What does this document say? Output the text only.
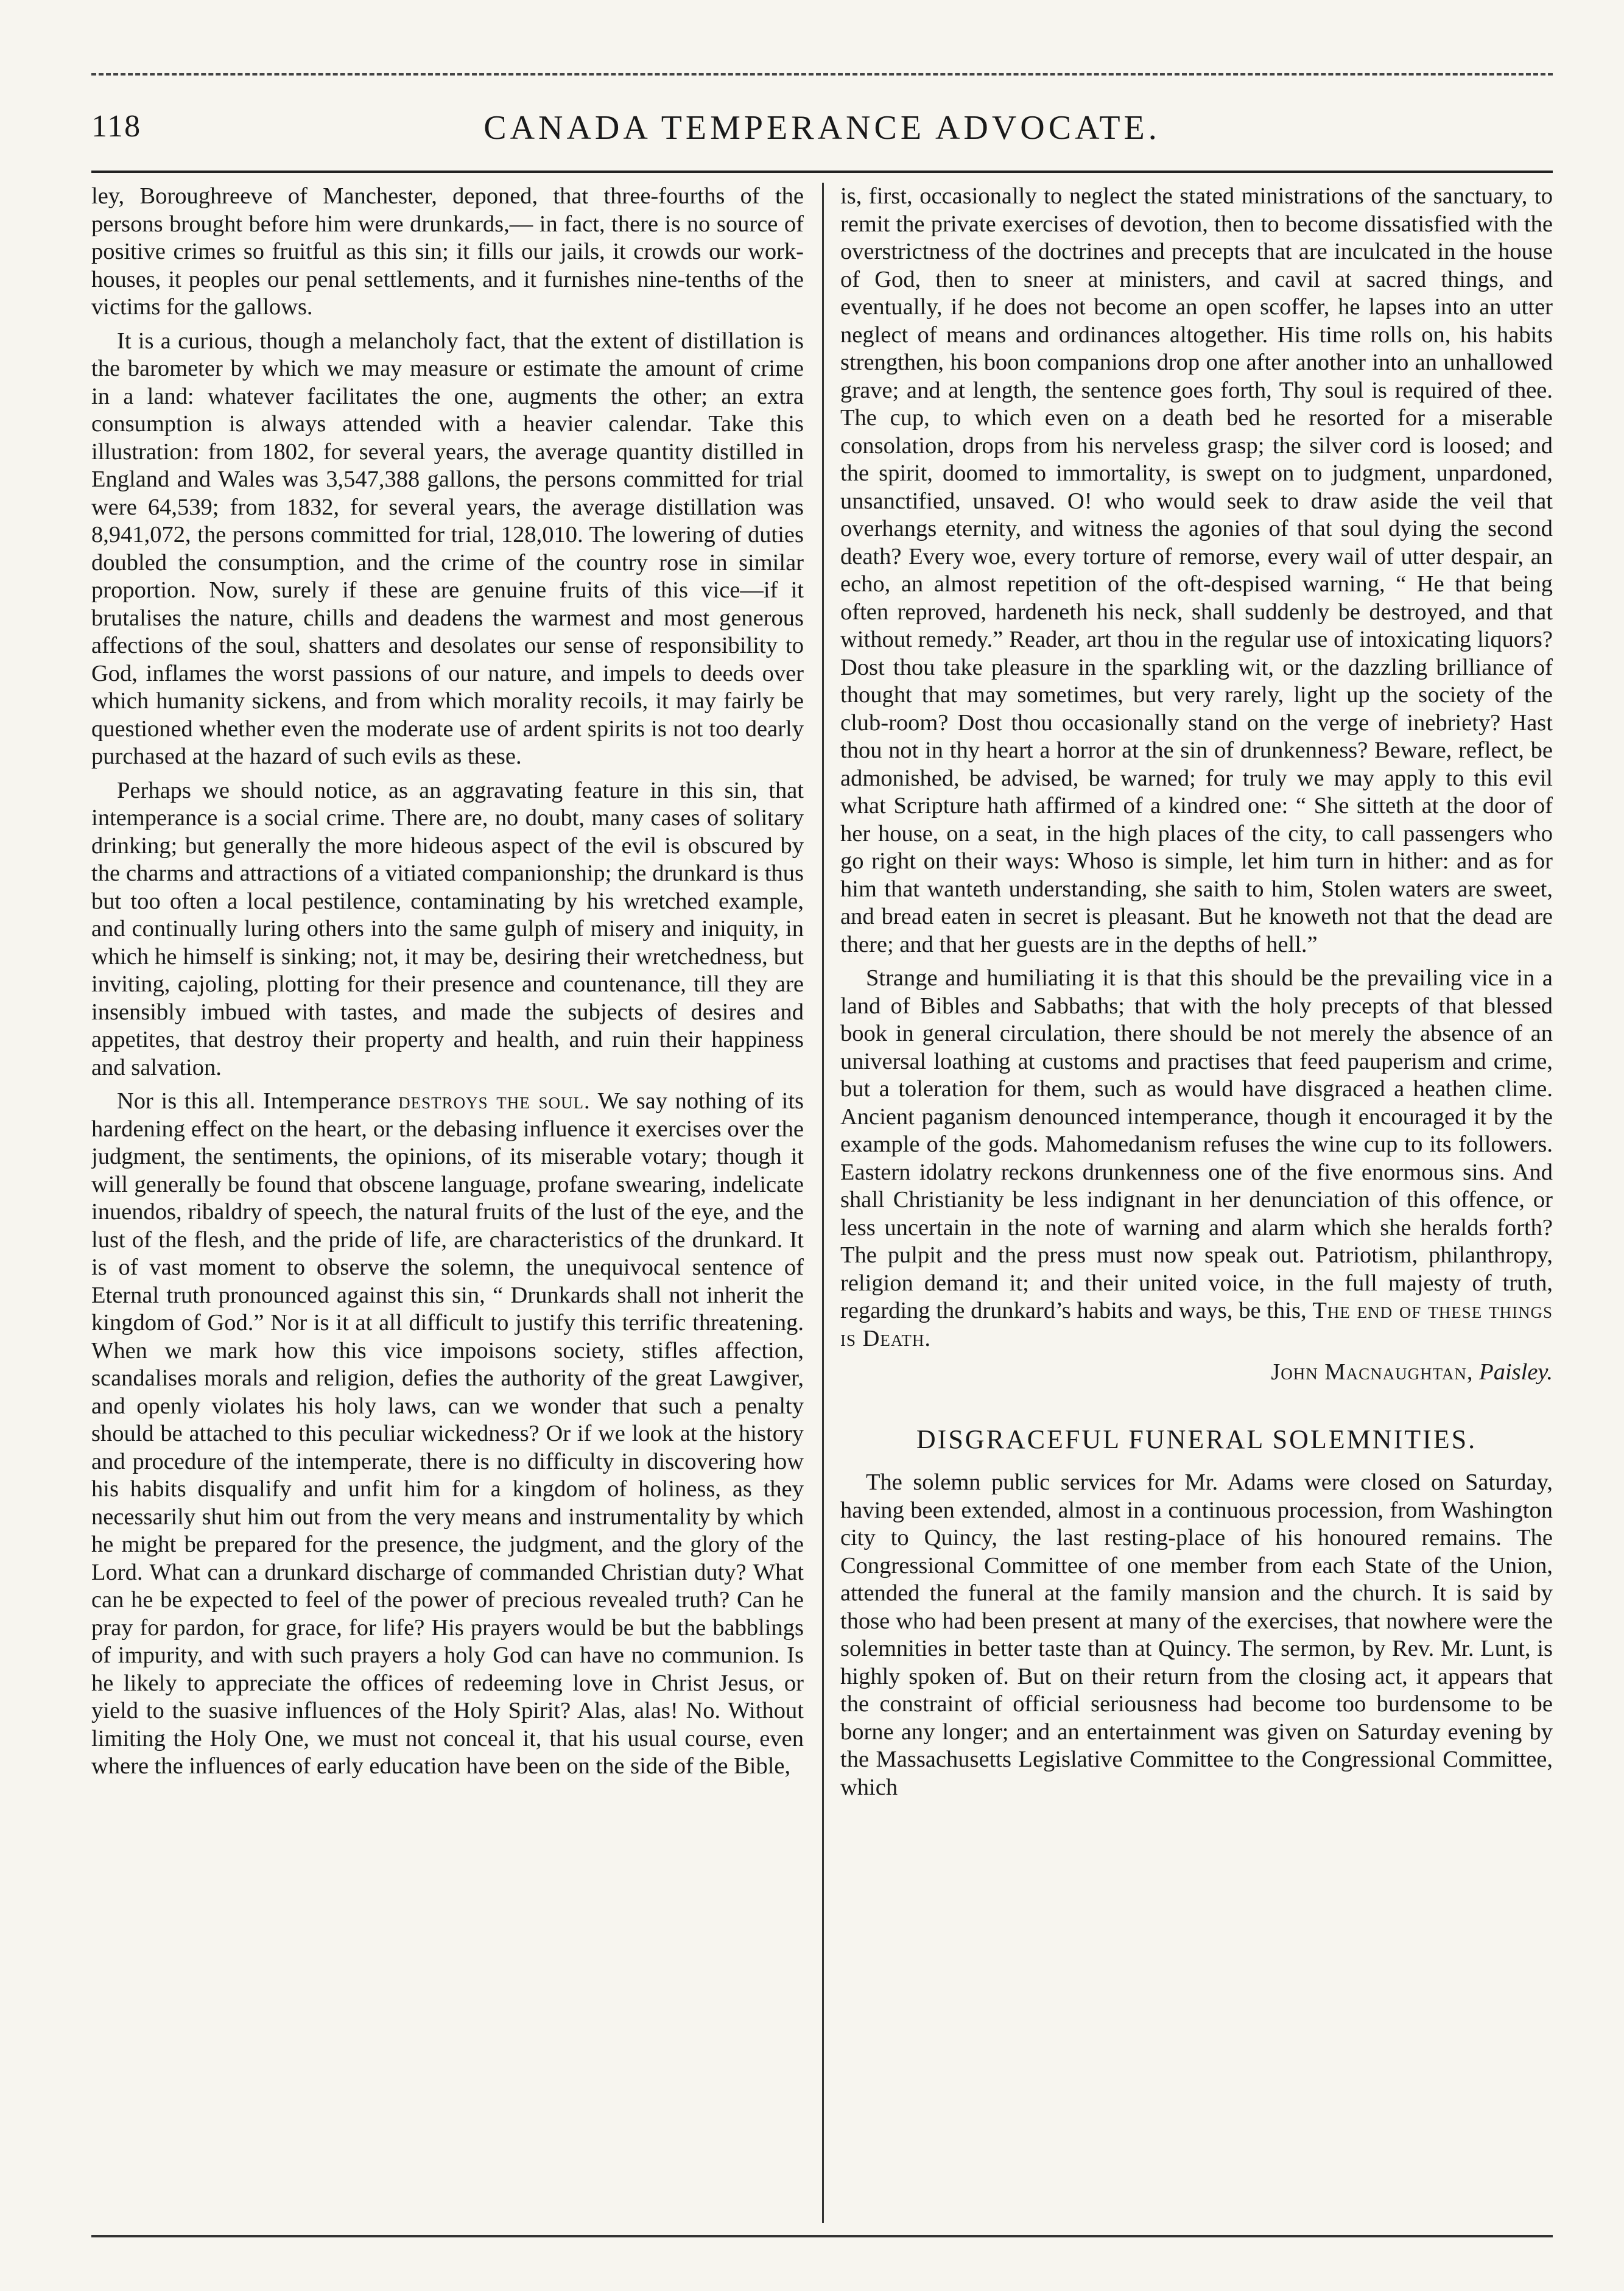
118	CANADA TEMPERANCE ADVOCATE.

ley, Boroughreeve of Manchester, deponed, that three-fourths of the persons brought before him were drunkards,— in fact, there is no source of positive crimes so fruitful as this sin; it fills our jails, it crowds our work-houses, it peoples our penal settlements, and it furnishes nine-tenths of the victims for the gallows.

It is a curious, though a melancholy fact, that the extent of distillation is the barometer by which we may measure or estimate the amount of crime in a land: whatever facilitates the one, augments the other; an extra consumption is always attended with a heavier calendar. Take this illustration: from 1802, for several years, the average quantity distilled in England and Wales was 3,547,388 gallons, the persons committed for trial were 64,539; from 1832, for several years, the average distillation was 8,941,072, the persons committed for trial, 128,010. The lowering of duties doubled the consumption, and the crime of the country rose in similar proportion. Now, surely if these are genuine fruits of this vice—if it brutalises the nature, chills and deadens the warmest and most generous affections of the soul, shatters and desolates our sense of responsibility to God, inflames the worst passions of our nature, and impels to deeds over which humanity sickens, and from which morality recoils, it may fairly be questioned whether even the moderate use of ardent spirits is not too dearly purchased at the hazard of such evils as these.

Perhaps we should notice, as an aggravating feature in this sin, that intemperance is a social crime. There are, no doubt, many cases of solitary drinking; but generally the more hideous aspect of the evil is obscured by the charms and attractions of a vitiated companionship; the drunkard is thus but too often a local pestilence, contaminating by his wretched example, and continually luring others into the same gulph of misery and iniquity, in which he himself is sinking; not, it may be, desiring their wretchedness, but inviting, cajoling, plotting for their presence and countenance, till they are insensibly imbued with tastes, and made the subjects of desires and appetites, that destroy their property and health, and ruin their happiness and salvation.

Nor is this all. Intemperance destroys the soul. We say nothing of its hardening effect on the heart, or the debasing influence it exercises over the judgment, the sentiments, the opinions, of its miserable votary; though it will generally be found that obscene language, profane swearing, indelicate inuendos, ribaldry of speech, the natural fruits of the lust of the eye, and the lust of the flesh, and the pride of life, are characteristics of the drunkard. It is of vast moment to observe the solemn, the unequivocal sentence of Eternal truth pronounced against this sin, “ Drunkards shall not inherit the kingdom of God.” Nor is it at all difficult to justify this terrific threatening. When we mark how this vice impoisons society, stifles affection, scandalises morals and religion, defies the authority of the great Lawgiver, and openly violates his holy laws, can we wonder that such a penalty should be attached to this peculiar wickedness? Or if we look at the history and procedure of the intemperate, there is no difficulty in discovering how his habits disqualify and unfit him for a kingdom of holiness, as they necessarily shut him out from the very means and instrumentality by which he might be prepared for the presence, the judgment, and the glory of the Lord. What can a drunkard discharge of commanded Christian duty? What can he be expected to feel of the power of precious revealed truth? Can he pray for pardon, for grace, for life? His prayers would be but the babblings of impurity, and with such prayers a holy God can have no communion. Is he likely to appreciate the offices of redeeming love in Christ Jesus, or yield to the suasive influences of the Holy Spirit? Alas, alas! No. Without limiting the Holy One, we must not conceal it, that his usual course, even where the influences of early education have been on the side of the Bible,

is, first, occasionally to neglect the stated ministrations of the sanctuary, to remit the private exercises of devotion, then to become dissatisfied with the overstrictness of the doctrines and precepts that are inculcated in the house of God, then to sneer at ministers, and cavil at sacred things, and eventually, if he does not become an open scoffer, he lapses into an utter neglect of means and ordinances altogether. His time rolls on, his habits strengthen, his boon companions drop one after another into an unhallowed grave; and at length, the sentence goes forth, Thy soul is required of thee. The cup, to which even on a death bed he resorted for a miserable consolation, drops from his nerveless grasp; the silver cord is loosed; and the spirit, doomed to immortality, is swept on to judgment, unpardoned, unsanctified, unsaved. O! who would seek to draw aside the veil that overhangs eternity, and witness the agonies of that soul dying the second death? Every woe, every torture of remorse, every wail of utter despair, an echo, an almost repetition of the oft-despised warning, “ He that being often reproved, hardeneth his neck, shall suddenly be destroyed, and that without remedy.” Reader, art thou in the regular use of intoxicating liquors? Dost thou take pleasure in the sparkling wit, or the dazzling brilliance of thought that may sometimes, but very rarely, light up the society of the club-room? Dost thou occasionally stand on the verge of inebriety? Hast thou not in thy heart a horror at the sin of drunkenness? Beware, reflect, be admonished, be advised, be warned; for truly we may apply to this evil what Scripture hath affirmed of a kindred one: “ She sitteth at the door of her house, on a seat, in the high places of the city, to call passengers who go right on their ways: Whoso is simple, let him turn in hither: and as for him that wanteth understanding, she saith to him, Stolen waters are sweet, and bread eaten in secret is pleasant. But he knoweth not that the dead are there; and that her guests are in the depths of hell.”

Strange and humiliating it is that this should be the prevailing vice in a land of Bibles and Sabbaths; that with the holy precepts of that blessed book in general circulation, there should be not merely the absence of an universal loathing at customs and practises that feed pauperism and crime, but a toleration for them, such as would have disgraced a heathen clime. Ancient paganism denounced intemperance, though it encouraged it by the example of the gods. Mahomedanism refuses the wine cup to its followers. Eastern idolatry reckons drunkenness one of the five enormous sins. And shall Christianity be less indignant in her denunciation of this offence, or less uncertain in the note of warning and alarm which she heralds forth? The pulpit and the press must now speak out. Patriotism, philanthropy, religion demand it; and their united voice, in the full majesty of truth, regarding the drunkard’s habits and ways, be this, The end of these things is Death.

John Macnaughtan, Paisley.
DISGRACEFUL FUNERAL SOLEMNITIES.

The solemn public services for Mr. Adams were closed on Saturday, having been extended, almost in a continuous procession, from Washington city to Quincy, the last resting-place of his honoured remains. The Congressional Committee of one member from each State of the Union, attended the funeral at the family mansion and the church. It is said by those who had been present at many of the exercises, that nowhere were the solemnities in better taste than at Quincy. The sermon, by Rev. Mr. Lunt, is highly spoken of. But on their return from the closing act, it appears that the constraint of official seriousness had become too burdensome to be borne any longer; and an entertainment was given on Saturday evening by the Massachusetts Legislative Committee to the Congressional Committee, which
